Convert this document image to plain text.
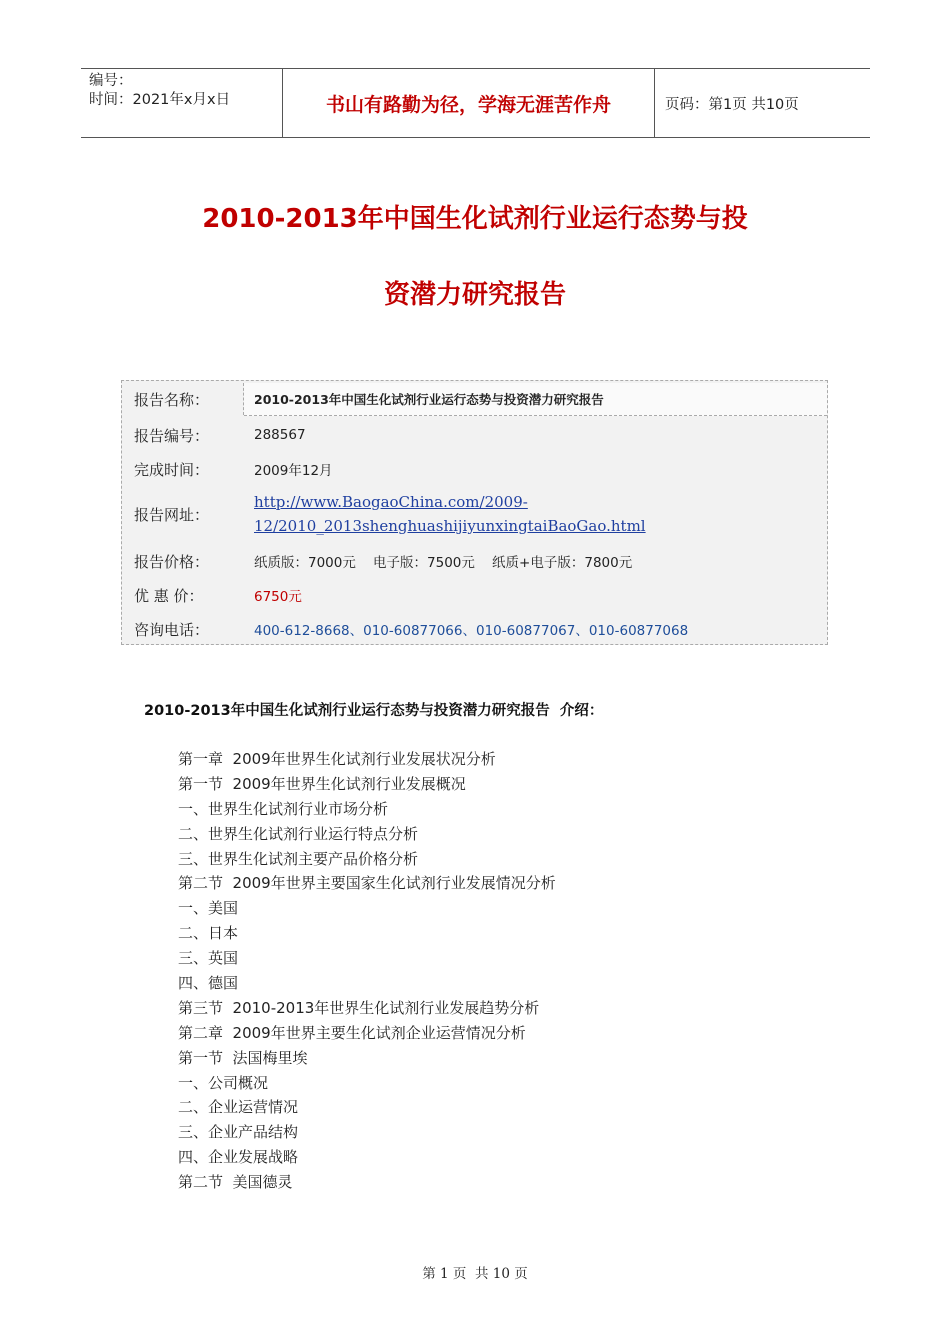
编号：
时间：2021年x月x日	书山有路勤为径，学海无涯苦作舟	页码：第1页 共10页
2010-2013年中国生化试剂行业运行态势与投
资潜力研究报告
报告名称：	2010-2013年中国生化试剂行业运行态势与投资潜力研究报告
报告编号：	288567
完成时间：	2009年12月
报告网址：
http://www.BaogaoChina.com/2009-
12/2010_2013shenghuashijiyunxingtaiBaoGao.html
报告价格：	纸质版：7000元    电子版：7500元    纸质+电子版：7800元
优 惠 价：	6750元
咨询电话：	400-612-8668、010-60877066、010-60877067、010-60877068
2010-2013年中国生化试剂行业运行态势与投资潜力研究报告  介绍：
第一章  2009年世界生化试剂行业发展状况分析
第一节  2009年世界生化试剂行业发展概况
一、世界生化试剂行业市场分析
二、世界生化试剂行业运行特点分析
三、世界生化试剂主要产品价格分析
第二节  2009年世界主要国家生化试剂行业发展情况分析
一、美国
二、日本
三、英国
四、德国
第三节  2010-2013年世界生化试剂行业发展趋势分析
第二章  2009年世界主要生化试剂企业运营情况分析
第一节  法国梅里埃
一、公司概况
二、企业运营情况
三、企业产品结构
四、企业发展战略
第二节  美国德灵
第 1 页  共 10 页
